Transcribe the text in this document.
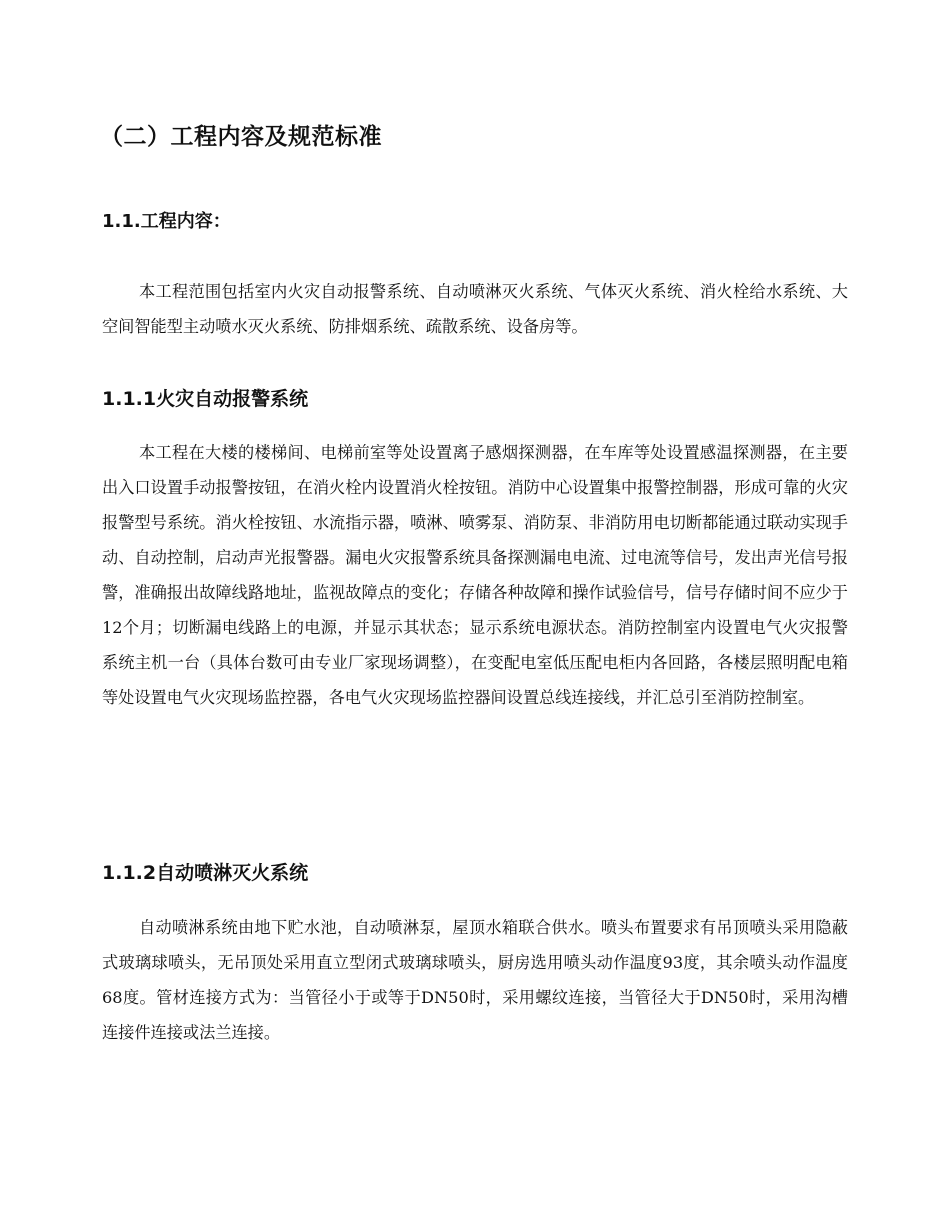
（二）工程内容及规范标准
1.1.工程内容：

本工程范围包括室内火灾自动报警系统、自动喷淋灭火系统、气体灭火系统、消火栓给水系统、大空间智能型主动喷水灭火系统、防排烟系统、疏散系统、设备房等。

1.1.1火灾自动报警系统

本工程在大楼的楼梯间、电梯前室等处设置离子感烟探测器，在车库等处设置感温探测器，在主要出入口设置手动报警按钮，在消火栓内设置消火栓按钮。消防中心设置集中报警控制器，形成可靠的火灾报警型号系统。消火栓按钮、水流指示器，喷淋、喷雾泵、消防泵、非消防用电切断都能通过联动实现手动、自动控制，启动声光报警器。漏电火灾报警系统具备探测漏电电流、过电流等信号，发出声光信号报警，准确报出故障线路地址，监视故障点的变化；存储各种故障和操作试验信号，信号存储时间不应少于12个月；切断漏电线路上的电源，并显示其状态；显示系统电源状态。消防控制室内设置电气火灾报警系统主机一台（具体台数可由专业厂家现场调整），在变配电室低压配电柜内各回路，各楼层照明配电箱等处设置电气火灾现场监控器，各电气火灾现场监控器间设置总线连接线，并汇总引至消防控制室。

1.1.2自动喷淋灭火系统

自动喷淋系统由地下贮水池，自动喷淋泵，屋顶水箱联合供水。喷头布置要求有吊顶喷头采用隐蔽式玻璃球喷头，无吊顶处采用直立型闭式玻璃球喷头，厨房选用喷头动作温度93度，其余喷头动作温度68度。管材连接方式为：当管径小于或等于DN50时，采用螺纹连接，当管径大于DN50时，采用沟槽连接件连接或法兰连接。
